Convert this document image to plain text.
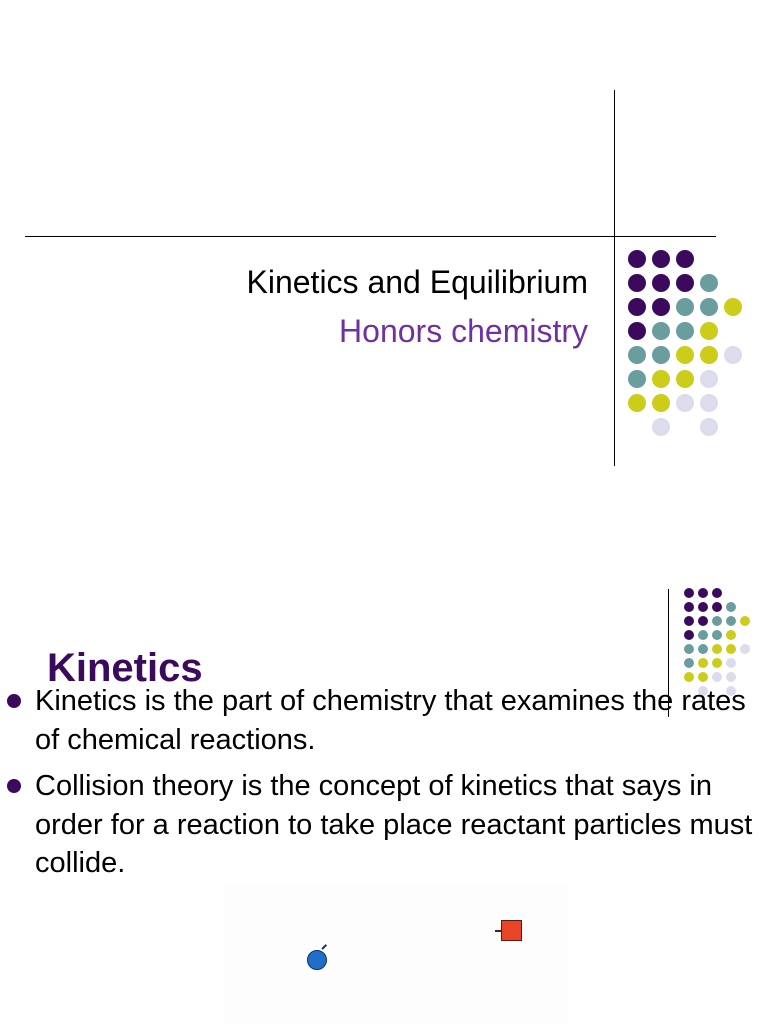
Kinetics and Equilibrium
Honors chemistry
Kinetics
Kinetics is the part of chemistry that examines the rates of chemical reactions.
Collision theory is the concept of kinetics that says in order for a reaction to take place reactant particles must collide.
